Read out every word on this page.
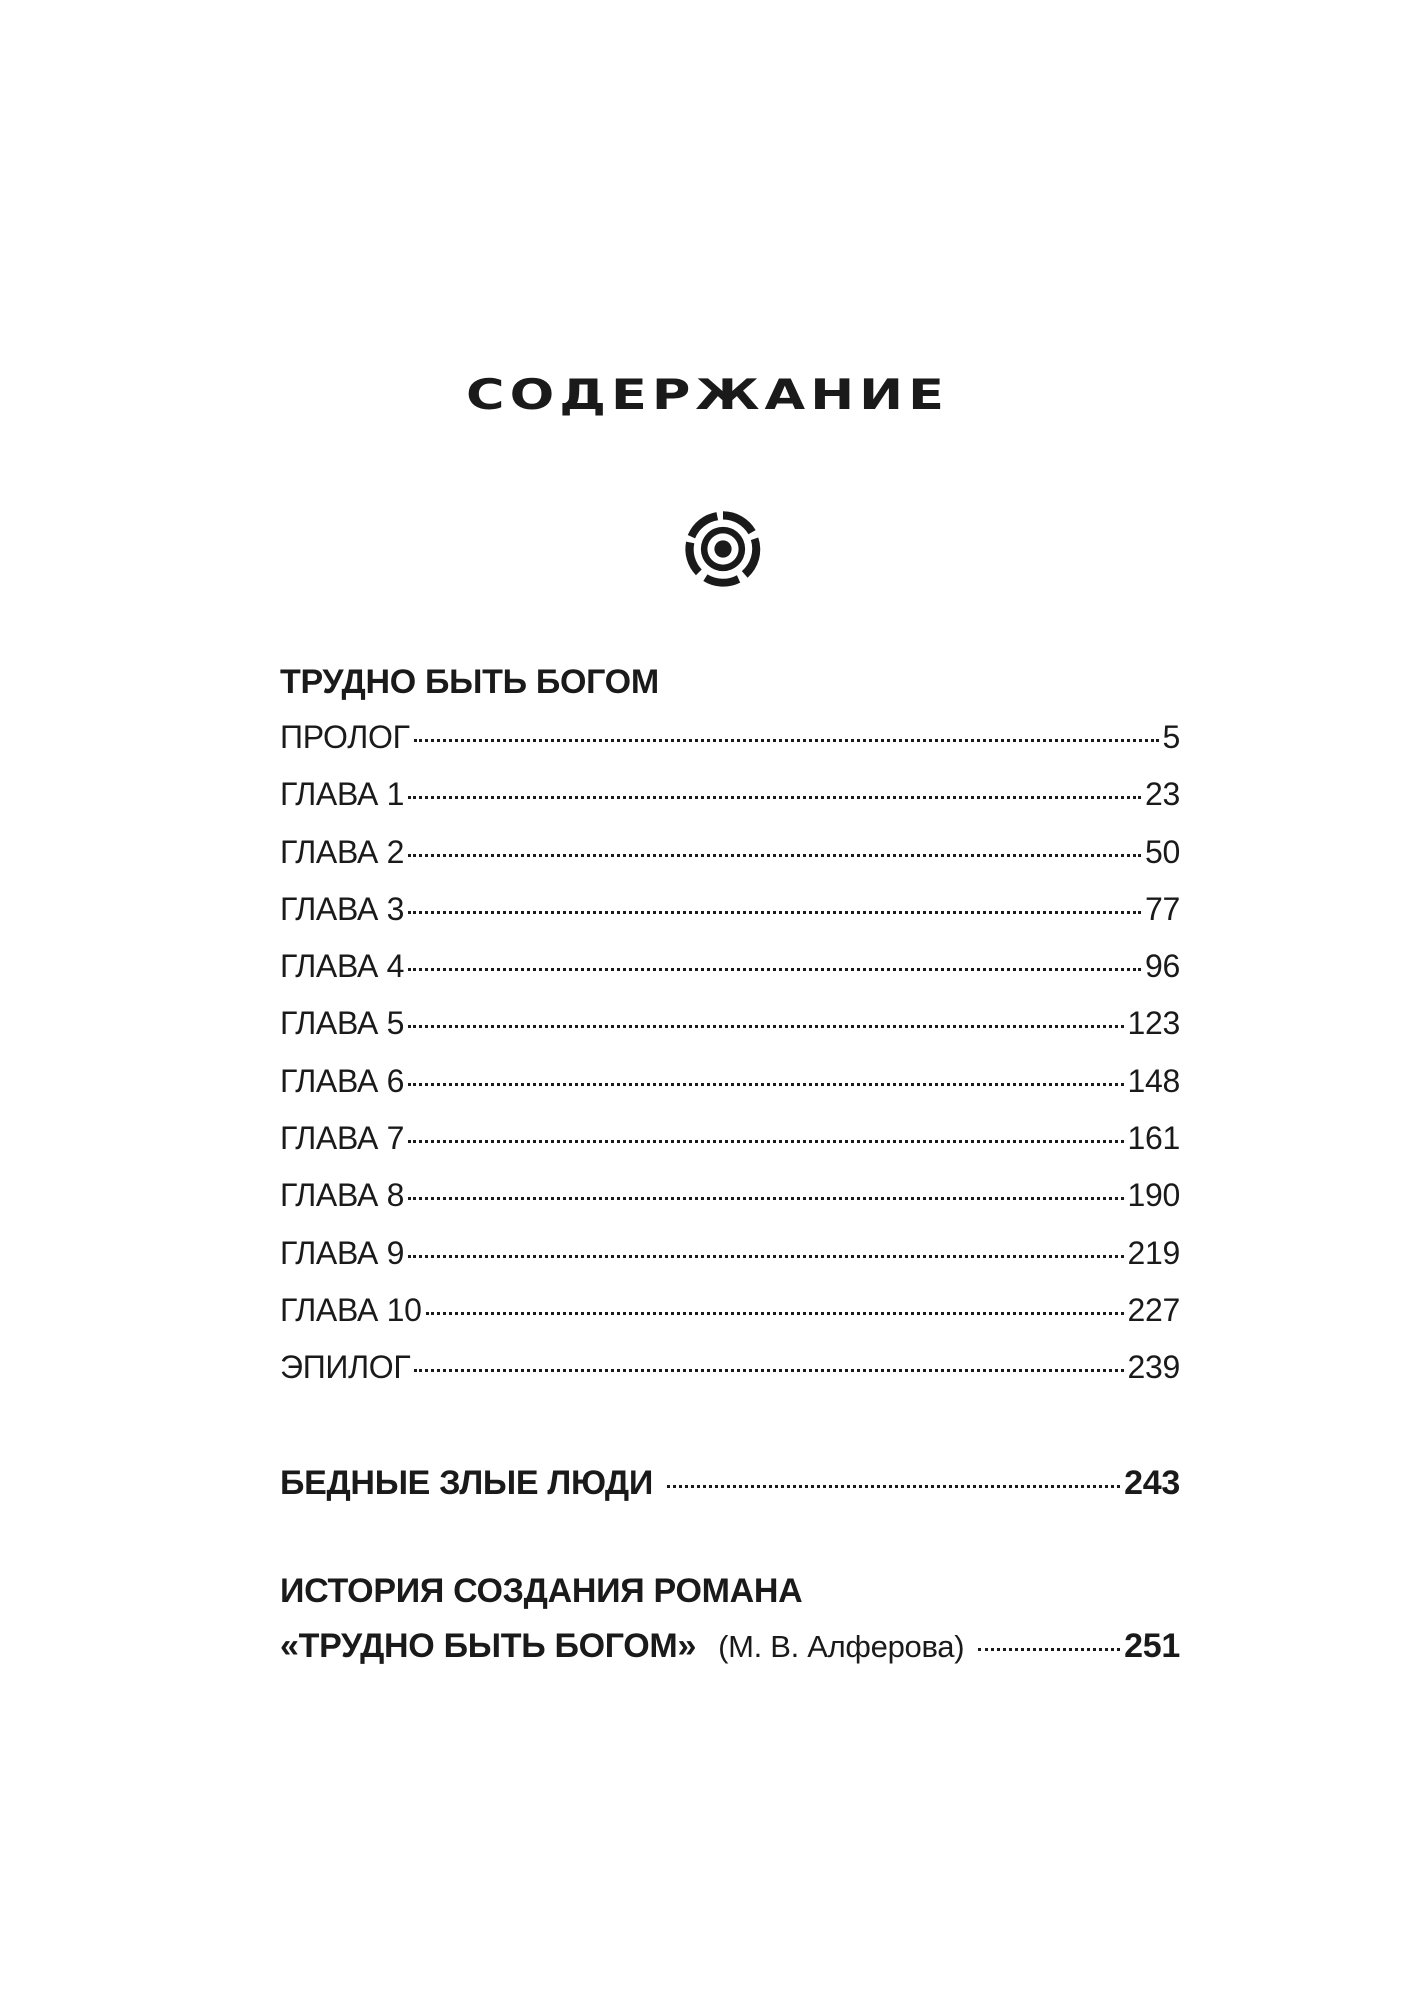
СОДЕРЖАНИЕ
ТРУДНО БЫТЬ БОГОМ
ПРОЛОГ	5
ГЛАВА 1	23
ГЛАВА 2	50
ГЛАВА 3	77
ГЛАВА 4	96
ГЛАВА 5	123
ГЛАВА 6	148
ГЛАВА 7	161
ГЛАВА 8	190
ГЛАВА 9	219
ГЛАВА 10	227
ЭПИЛОГ	239
БЕДНЫЕ ЗЛЫЕ ЛЮДИ	243
ИСТОРИЯ СОЗДАНИЯ РОМАНА
«ТРУДНО БЫТЬ БОГОМ» (М. В. Алферова)	251
